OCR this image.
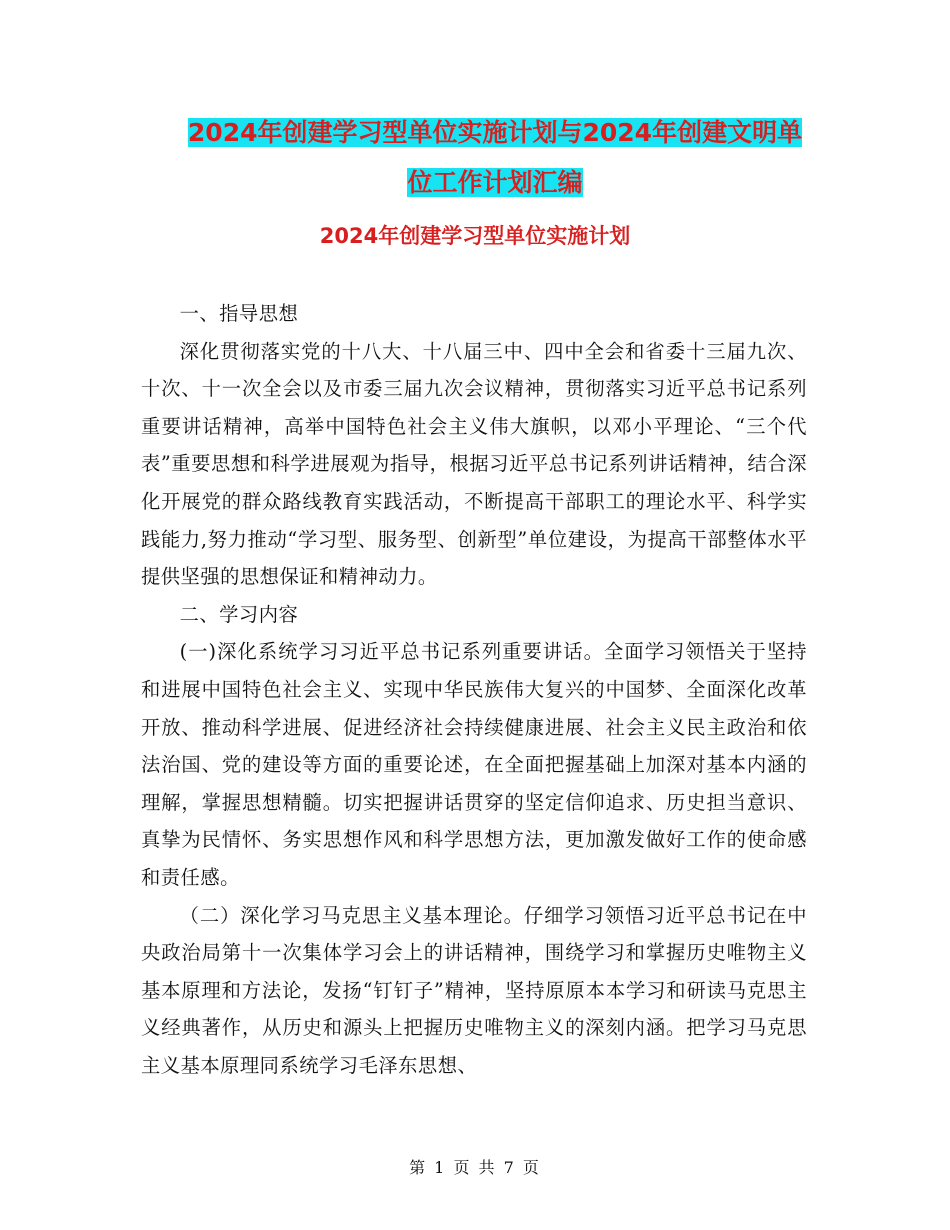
2024年创建学习型单位实施计划与2024年创建文明单
位工作计划汇编
2024年创建学习型单位实施计划

一、指导思想

深化贯彻落实党的十八大、十八届三中、四中全会和省委十三届九次、十次、十一次全会以及市委三届九次会议精神，贯彻落实习近平总书记系列重要讲话精神，高举中国特色社会主义伟大旗帜，以邓小平理论、“三个代表”重要思想和科学进展观为指导，根据习近平总书记系列讲话精神，结合深化开展党的群众路线教育实践活动，不断提高干部职工的理论水平、科学实践能力,努力推动“学习型、服务型、创新型”单位建设，为提高干部整体水平提供坚强的思想保证和精神动力。

二、学习内容

(一)深化系统学习习近平总书记系列重要讲话。全面学习领悟关于坚持和进展中国特色社会主义、实现中华民族伟大复兴的中国梦、全面深化改革开放、推动科学进展、促进经济社会持续健康进展、社会主义民主政治和依法治国、党的建设等方面的重要论述，在全面把握基础上加深对基本内涵的理解，掌握思想精髓。切实把握讲话贯穿的坚定信仰追求、历史担当意识、真挚为民情怀、务实思想作风和科学思想方法，更加激发做好工作的使命感和责任感。

（二）深化学习马克思主义基本理论。仔细学习领悟习近平总书记在中央政治局第十一次集体学习会上的讲话精神，围绕学习和掌握历史唯物主义基本原理和方法论，发扬“钉钉子”精神，坚持原原本本学习和研读马克思主义经典著作，从历史和源头上把握历史唯物主义的深刻内涵。把学习马克思主义基本原理同系统学习毛泽东思想、

第 1 页 共 7 页
